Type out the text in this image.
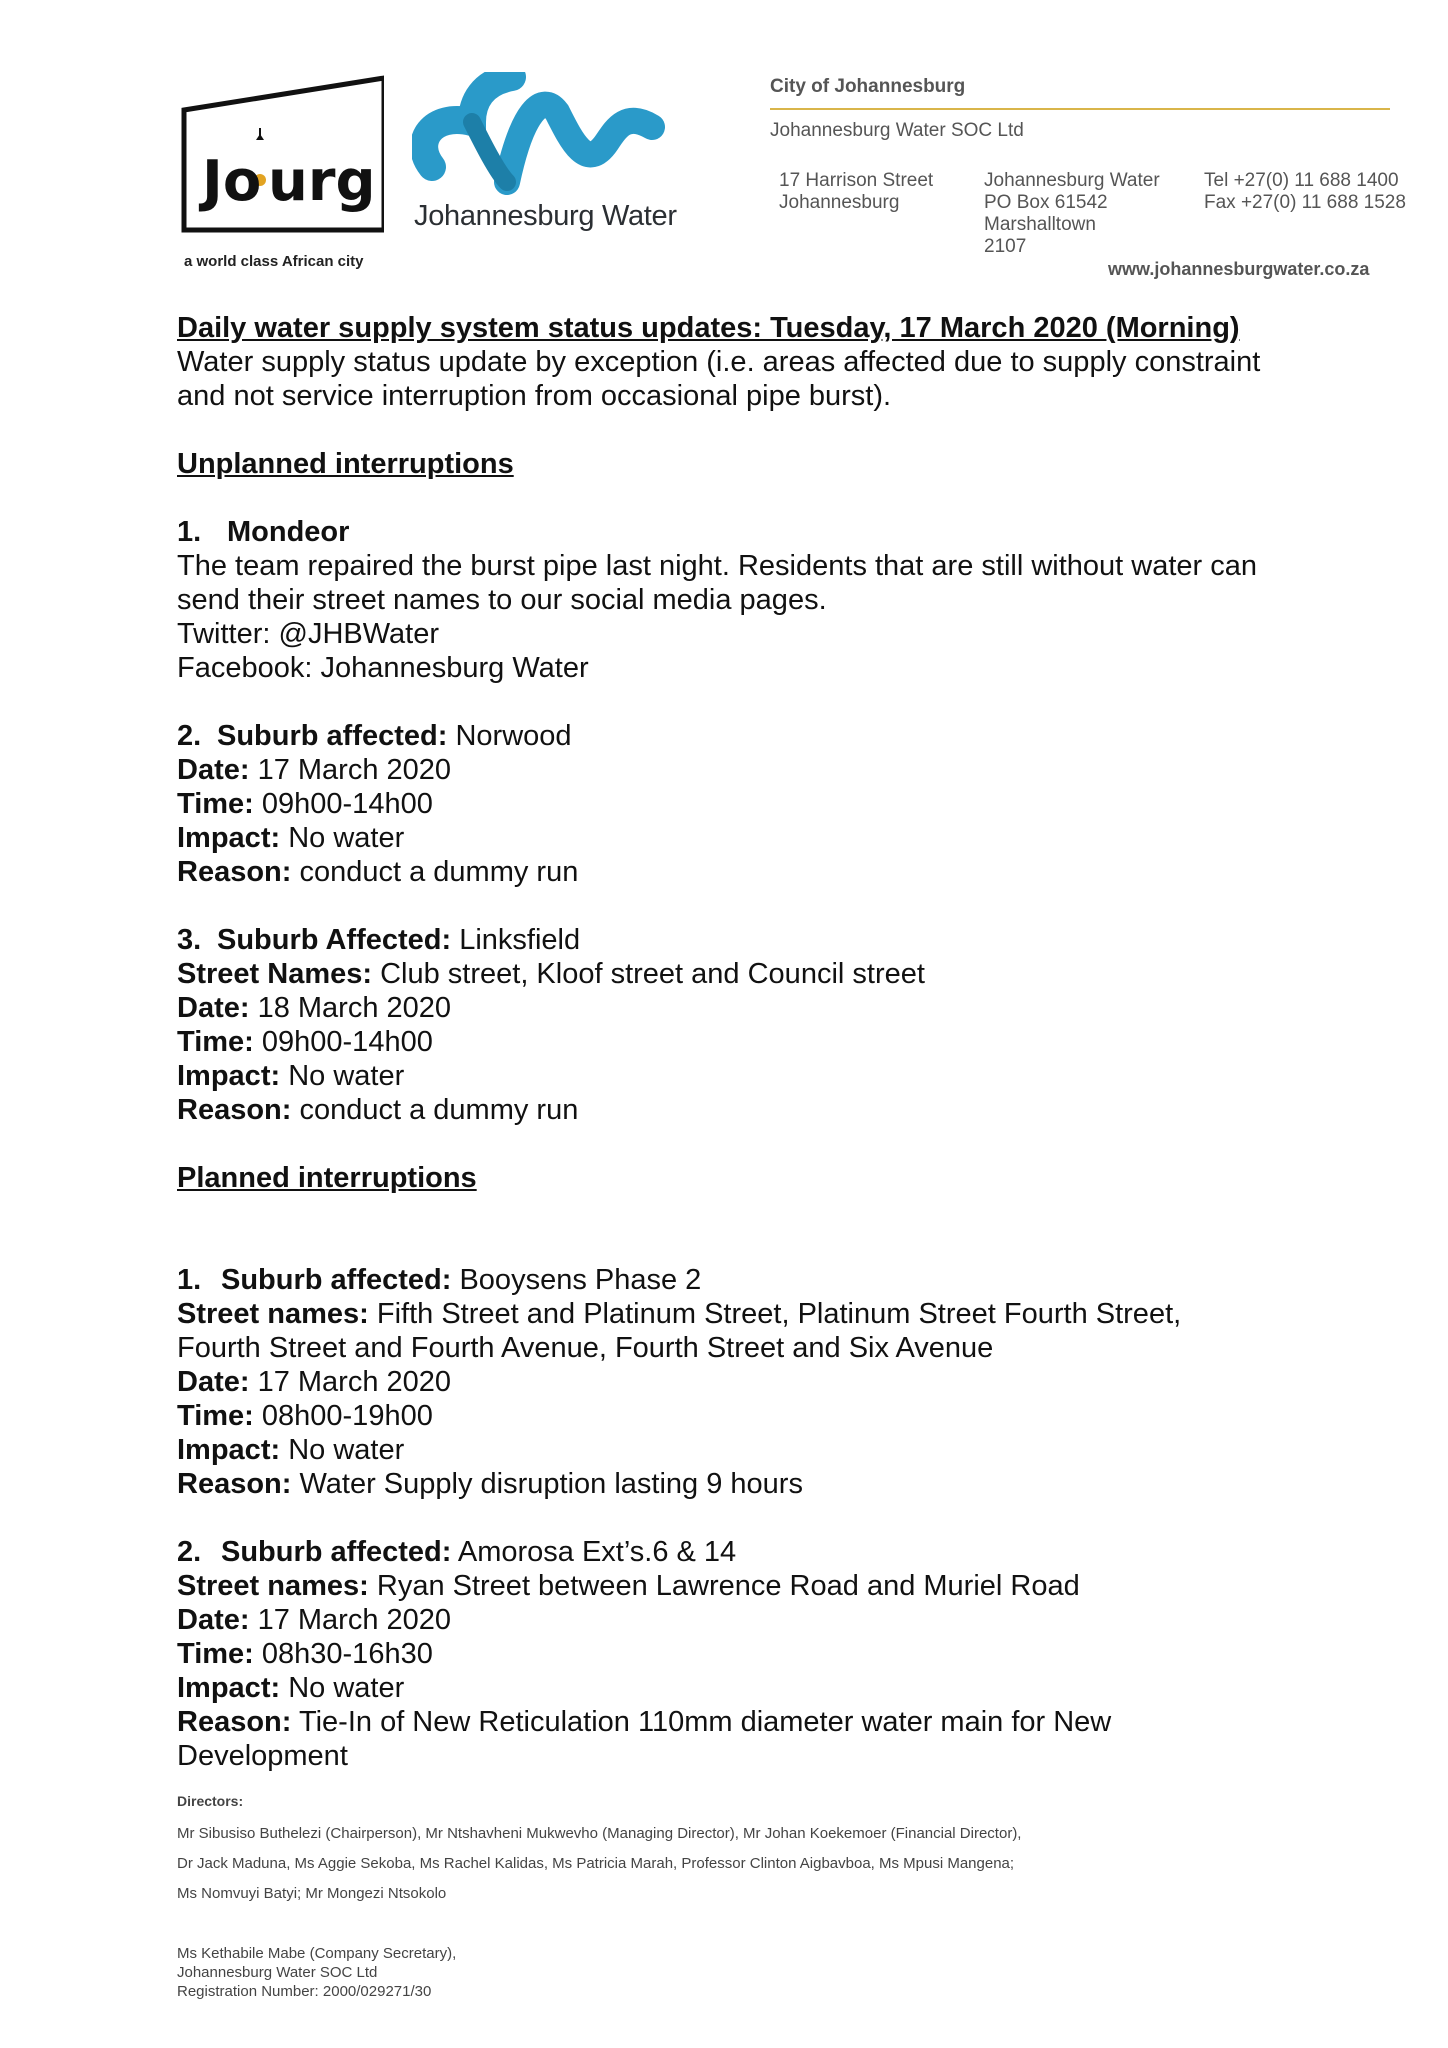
Jo urg
a world class African city
Johannesburg Water
City of Johannesburg
Johannesburg Water SOC Ltd
17 Harrison Street
Johannesburg
Johannesburg Water
PO Box 61542
Marshalltown
2107
Tel +27(0) 11 688 1400
Fax +27(0) 11 688 1528
www.johannesburgwater.co.za

Daily water supply system status updates: Tuesday, 17 March 2020 (Morning)

Water supply status update by exception (i.e. areas affected due to supply constraint

and not service interruption from occasional pipe burst).

Unplanned interruptions

1. Mondeor

The team repaired the burst pipe last night. Residents that are still without water can

send their street names to our social media pages.

Twitter: @JHBWater

Facebook: Johannesburg Water

2. Suburb affected: Norwood

Date: 17 March 2020

Time: 09h00-14h00

Impact: No water

Reason: conduct a dummy run

3. Suburb Affected: Linksfield

Street Names: Club street, Kloof street and Council street

Date: 18 March 2020

Time: 09h00-14h00

Impact: No water

Reason: conduct a dummy run

Planned interruptions

1. Suburb affected: Booysens Phase 2

Street names: Fifth Street and Platinum Street, Platinum Street Fourth Street,

Fourth Street and Fourth Avenue, Fourth Street and Six Avenue

Date: 17 March 2020

Time: 08h00-19h00

Impact: No water

Reason: Water Supply disruption lasting 9 hours

2. Suburb affected: Amorosa Ext’s.6 & 14

Street names: Ryan Street between Lawrence Road and Muriel Road

Date: 17 March 2020

Time: 08h30-16h30

Impact: No water

Reason: Tie-In of New Reticulation 110mm diameter water main for New

Development

Directors:
Mr Sibusiso Buthelezi (Chairperson), Mr Ntshavheni Mukwevho (Managing Director), Mr Johan Koekemoer (Financial Director),
Dr Jack Maduna, Ms Aggie Sekoba, Ms Rachel Kalidas, Ms Patricia Marah, Professor Clinton Aigbavboa, Ms Mpusi Mangena;
Ms Nomvuyi Batyi; Mr Mongezi Ntsokolo
Ms Kethabile Mabe (Company Secretary),
Johannesburg Water SOC Ltd
Registration Number: 2000/029271/30
